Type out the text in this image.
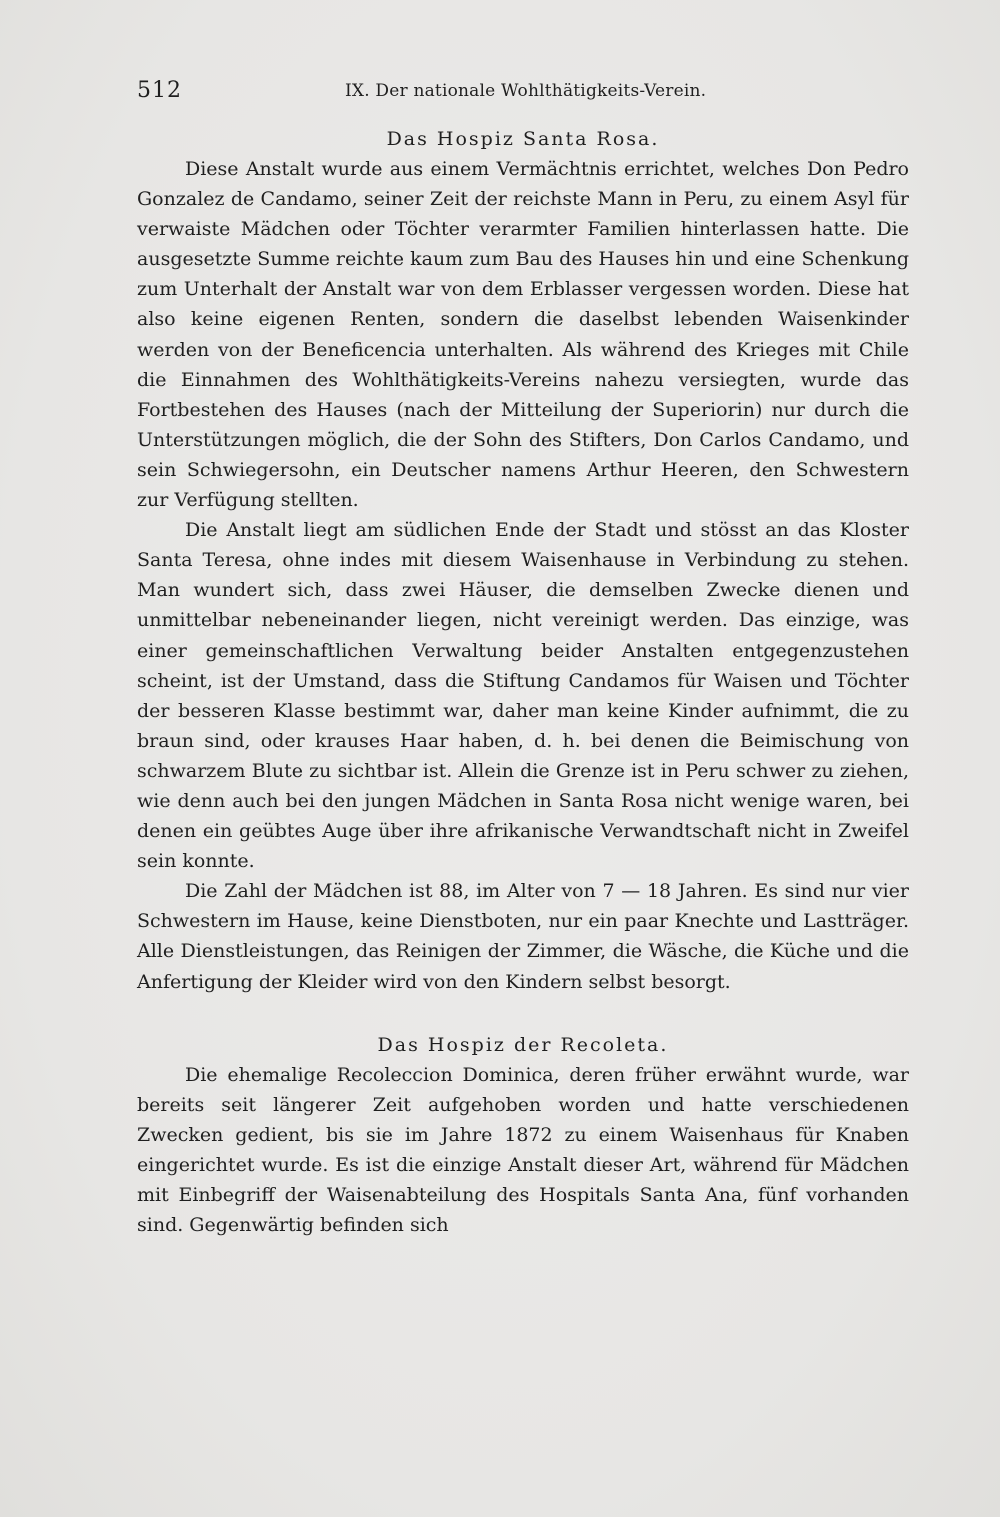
512	IX. Der nationale Wohlthätigkeits-Verein.
Das Hospiz Santa Rosa.

Diese Anstalt wurde aus einem Vermächtnis errichtet, welches Don Pedro Gonzalez de Candamo, seiner Zeit der reichste Mann in Peru, zu einem Asyl für verwaiste Mädchen oder Töchter verarmter Familien hinterlassen hatte. Die ausgesetzte Summe reichte kaum zum Bau des Hauses hin und eine Schenkung zum Unterhalt der Anstalt war von dem Erblasser vergessen worden. Diese hat also keine eigenen Renten, sondern die daselbst lebenden Waisenkinder werden von der Beneficencia unterhalten. Als während des Krieges mit Chile die Einnahmen des Wohlthätigkeits-Vereins nahezu versiegten, wurde das Fortbestehen des Hauses (nach der Mitteilung der Superiorin) nur durch die Unterstützungen möglich, die der Sohn des Stifters, Don Carlos Candamo, und sein Schwiegersohn, ein Deutscher namens Arthur Heeren, den Schwestern zur Verfügung stellten.

Die Anstalt liegt am südlichen Ende der Stadt und stösst an das Kloster Santa Teresa, ohne indes mit diesem Waisenhause in Verbindung zu stehen. Man wundert sich, dass zwei Häuser, die demselben Zwecke dienen und unmittelbar nebeneinander liegen, nicht vereinigt werden. Das einzige, was einer gemeinschaftlichen Verwaltung beider Anstalten entgegenzustehen scheint, ist der Umstand, dass die Stiftung Candamos für Waisen und Töchter der besseren Klasse bestimmt war, daher man keine Kinder aufnimmt, die zu braun sind, oder krauses Haar haben, d. h. bei denen die Beimischung von schwarzem Blute zu sichtbar ist. Allein die Grenze ist in Peru schwer zu ziehen, wie denn auch bei den jungen Mädchen in Santa Rosa nicht wenige waren, bei denen ein geübtes Auge über ihre afrikanische Verwandtschaft nicht in Zweifel sein konnte.

Die Zahl der Mädchen ist 88, im Alter von 7 — 18 Jahren. Es sind nur vier Schwestern im Hause, keine Dienstboten, nur ein paar Knechte und Lastträger. Alle Dienstleistungen, das Reinigen der Zimmer, die Wäsche, die Küche und die Anfertigung der Kleider wird von den Kindern selbst besorgt.

Das Hospiz der Recoleta.

Die ehemalige Recoleccion Dominica, deren früher erwähnt wurde, war bereits seit längerer Zeit aufgehoben worden und hatte verschiedenen Zwecken gedient, bis sie im Jahre 1872 zu einem Waisenhaus für Knaben eingerichtet wurde. Es ist die einzige Anstalt dieser Art, während für Mädchen mit Einbegriff der Waisenabteilung des Hospitals Santa Ana, fünf vorhanden sind. Gegenwärtig befinden sich
